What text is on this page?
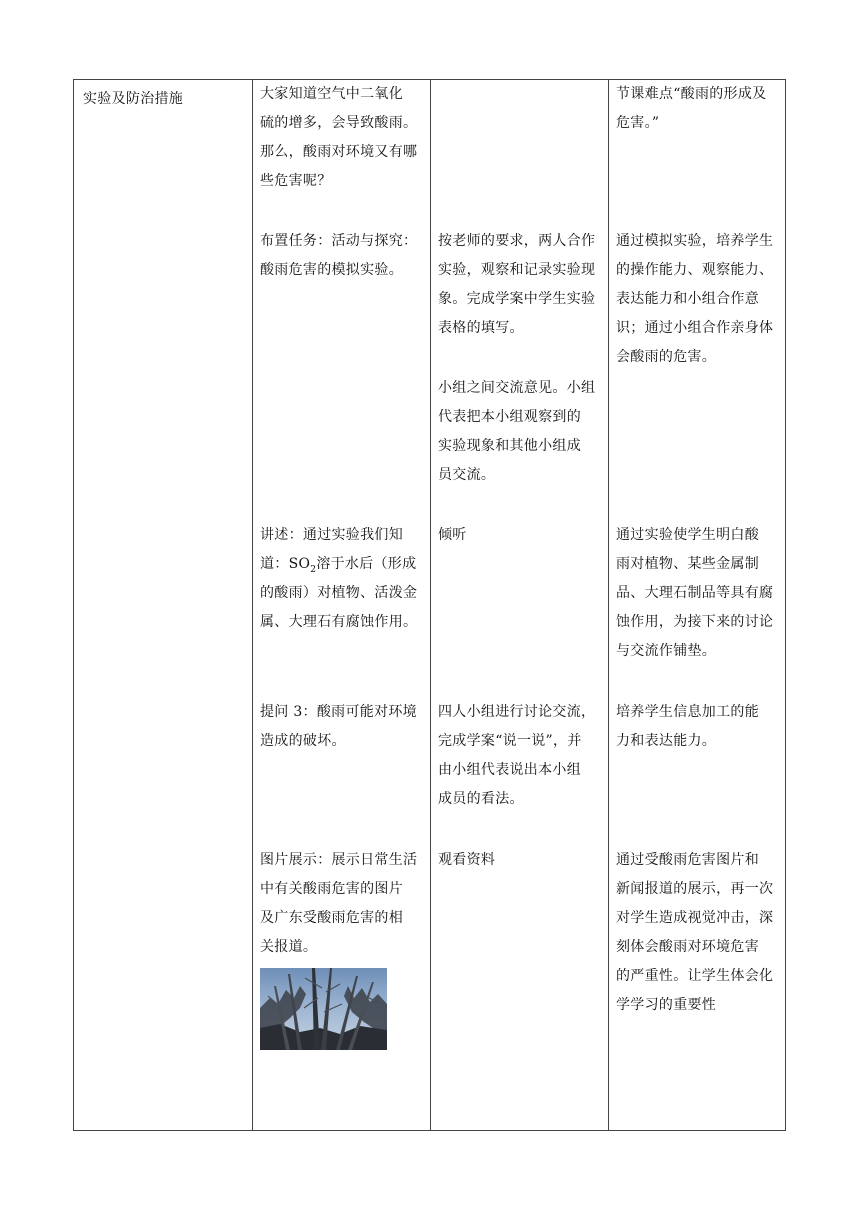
实验及防治措施	大家知道空气中二氧化
硫的增多，会导致酸雨。
那么，酸雨对环境又有哪
些危害呢？
布置任务：活动与探究：
酸雨危害的模拟实验。
讲述：通过实验我们知
道：$SO_2$溶于水后（形成
的酸雨）对植物、活泼金
属、大理石有腐蚀作用。
提问 3：酸雨可能对环境
造成的破坏。
图片展示：展示日常生活
中有关酸雨危害的图片
及广东受酸雨危害的相
关报道。
按老师的要求，两人合作
实验，观察和记录实验现
象。完成学案中学生实验
表格的填写。
小组之间交流意见。小组
代表把本小组观察到的
实验现象和其他小组成
员交流。
倾听
四人小组进行讨论交流，
完成学案“说一说”，并
由小组代表说出本小组
成员的看法。
观看资料
节课难点“酸雨的形成及
危害。”
通过模拟实验，培养学生
的操作能力、观察能力、
表达能力和小组合作意
识；通过小组合作亲身体
会酸雨的危害。
通过实验使学生明白酸
雨对植物、某些金属制
品、大理石制品等具有腐
蚀作用，为接下来的讨论
与交流作铺垫。
培养学生信息加工的能
力和表达能力。
通过受酸雨危害图片和
新闻报道的展示，再一次
对学生造成视觉冲击，深
刻体会酸雨对环境危害
的严重性。让学生体会化
学学习的重要性
